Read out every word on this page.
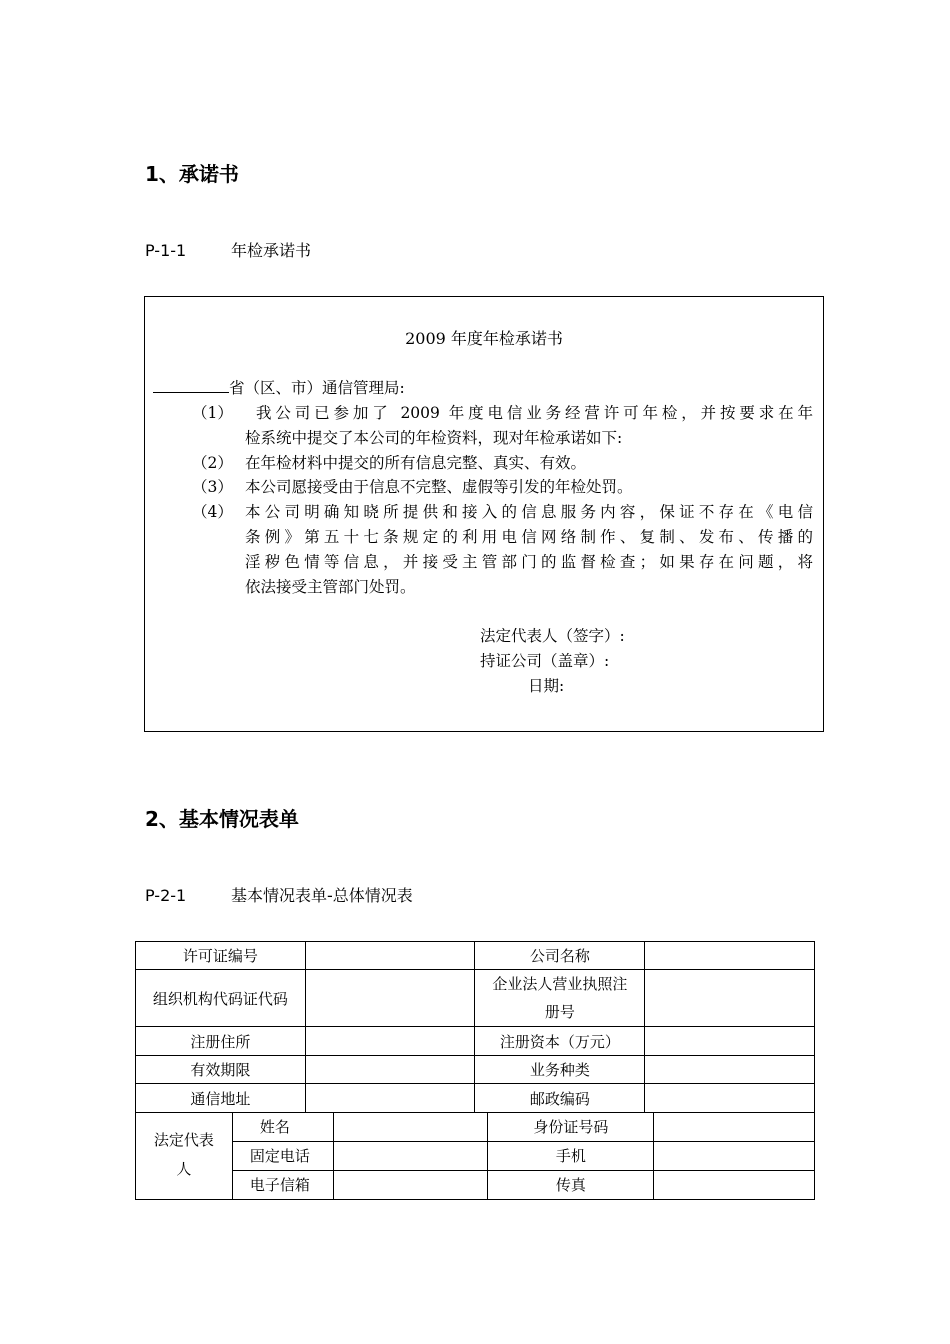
1、承诺书
P-1-1	年检承诺书
2009 年度年检承诺书
省（区、市）通信管理局:
（1） 我公司已参加了 2009 年度电信业务经营许可年检，并按要求在年
检系统中提交了本公司的年检资料，现对年检承诺如下:
（2） 在年检材料中提交的所有信息完整、真实、有效。
（3） 本公司愿接受由于信息不完整、虚假等引发的年检处罚。
（4） 本公司明确知晓所提供和接入的信息服务内容，保证不存在《电信
条例》第五十七条规定的利用电信网络制作、复制、发布、传播的
淫秽色情等信息，并接受主管部门的监督检查；如果存在问题，将
依法接受主管部门处罚。
法定代表人（签字）:
持证公司（盖章）:
日期:
2、基本情况表单
P-2-1	基本情况表单-总体情况表
许可证编号		公司名称	
组织机构代码证代码		企业法人营业执照注
册号	

注册住所		注册资本（万元）	
有效期限		业务种类	
通信地址		邮政编码	
法定代表
人	姓名		身份证号码	
	固定电话		手机	
	电子信箱		传真	
